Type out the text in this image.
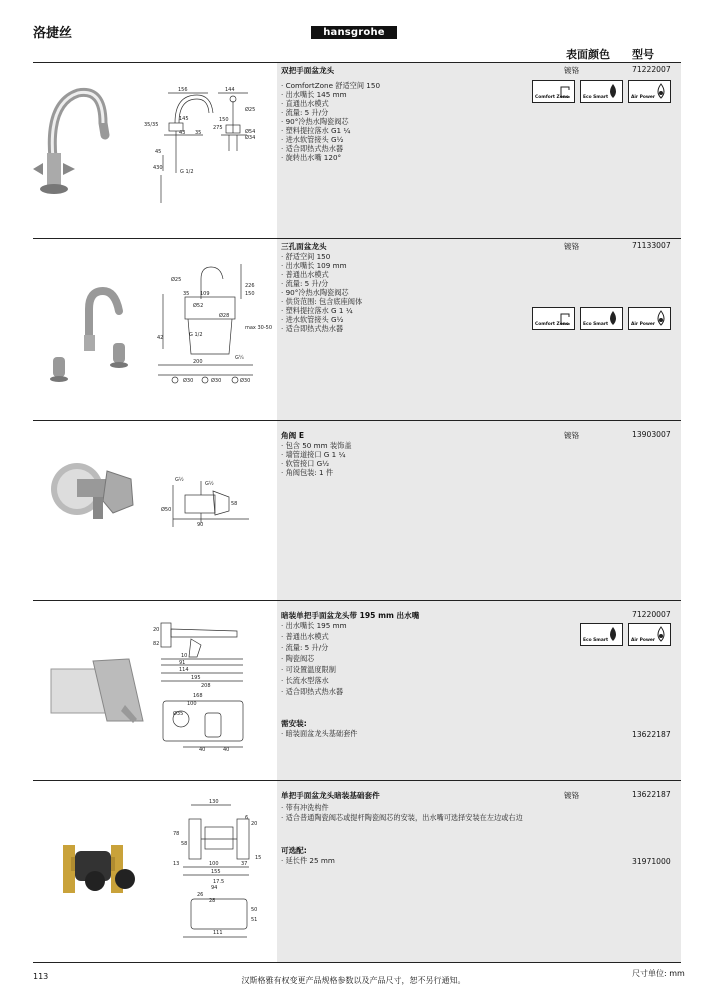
洛捷丝	hansgrohe
表面颜色 型号
156	144
145
Ø25
35/35
43 35
Ø34
Ø54
150
275
G 1/2
45
430
双把手面盆龙头
· ComfortZone 舒适空间 150
· 出水嘴长 145 mm
· 直通出水模式
· 流量: 5 升/分
· 90°冷热水陶瓷阀芯
· 塑料提拉落水 G1 ¼
· 进水软管接头 G½
· 适合即热式热水器
· 旋转出水嘴 120°
镀铬	71222007
Comfort Zone	Eco Smart	Air Power
Ø25
35 109
Ø52
G 1/2
Ø28
200
Ø30	Ø30	Ø30
150
226
max 30-50
G¼
42
三孔面盆龙头
· 舒适空间 150
· 出水嘴长 109 mm
· 普通出水模式
· 流量: 5 升/分
· 90°冷热水陶瓷阀芯
· 供货范围: 包含底座阀体
· 塑料提拉落水 G 1 ¼
· 进水软管接头 G½
· 适合即热式热水器
镀铬	71133007
Comfort Zone	Eco Smart	Air Power
G½
G½
90
Ø50
58
角阀 E
· 包含 50 mm 装饰盖
· 墙管道接口 G 1 ¼
· 软管接口 G½
· 角阀包装: 1 件
镀铬	13903007
10
91
114
195
208
168
100
40	40
Ø35
20
82
暗装单把手面盆龙头带 195 mm 出水嘴
· 出水嘴长 195 mm
· 普通出水模式
· 流量: 5 升/分
· 陶瓷阀芯
· 可设置温度限制
· 长流水型落水
· 适合即热式热水器
71220007
Eco Smart	Air Power
需安装:
· 暗装面盆龙头基础套件	13622187
130
6
20
15
13	100	37
155
17.5
94
26
28
111
78
58
50
51
单把手面盆龙头暗装基础套件
· 带有冲洗构件
· 适合普通陶瓷阀芯或提杆陶瓷阀芯的安装，出水嘴可选择安装在左边或右边
镀铬	13622187
可选配:
· 延长件 25 mm	31971000
113	汉斯格雅有权变更产品规格参数以及产品尺寸，恕不另行通知。
尺寸单位: mm
